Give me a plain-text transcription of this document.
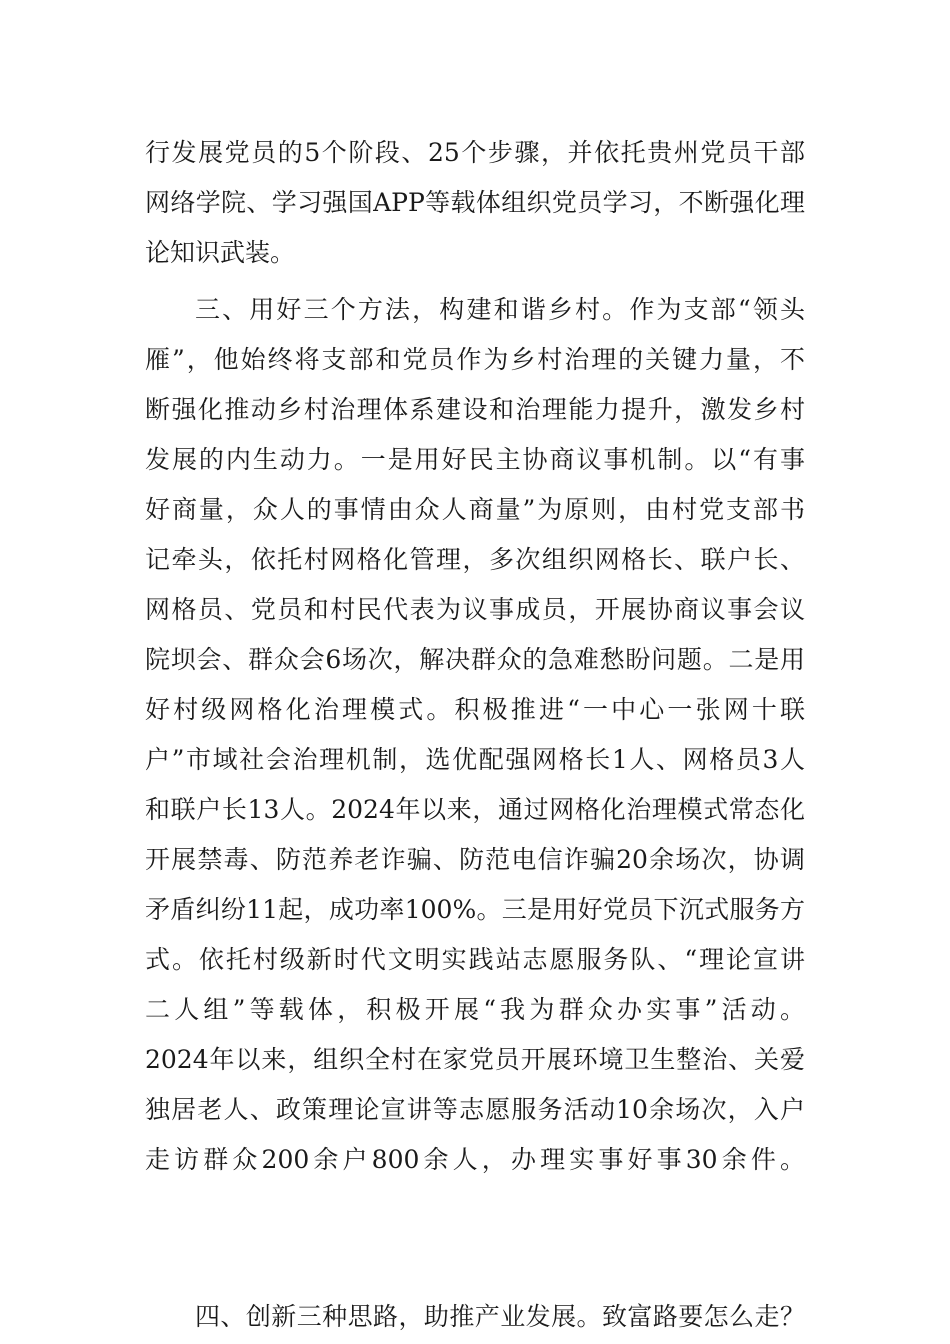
行发展党员的5个阶段、25个步骤，并依托贵州党员干部
网络学院、学习强国APP等载体组织党员学习，不断强化理
论知识武装。
三、用好三个方法，构建和谐乡村。作为支部“领头
雁”，他始终将支部和党员作为乡村治理的关键力量，不
断强化推动乡村治理体系建设和治理能力提升，激发乡村
发展的内生动力。一是用好民主协商议事机制。以“有事
好商量，众人的事情由众人商量”为原则，由村党支部书
记牵头，依托村网格化管理，多次组织网格长、联户长、
网格员、党员和村民代表为议事成员，开展协商议事会议
院坝会、群众会6场次，解决群众的急难愁盼问题。二是用
好村级网格化治理模式。积极推进“一中心一张网十联
户”市域社会治理机制，选优配强网格长1人、网格员3人
和联户长13人。2024年以来，通过网格化治理模式常态化
开展禁毒、防范养老诈骗、防范电信诈骗20余场次，协调
矛盾纠纷11起，成功率100%。三是用好党员下沉式服务方
式。依托村级新时代文明实践站志愿服务队、“理论宣讲
二人组”等载体，积极开展“我为群众办实事”活动。
2024年以来，组织全村在家党员开展环境卫生整治、关爱
独居老人、政策理论宣讲等志愿服务活动10余场次，入户
走访群众200余户800余人，办理实事好事30余件。
四、创新三种思路，助推产业发展。致富路要怎么走？
